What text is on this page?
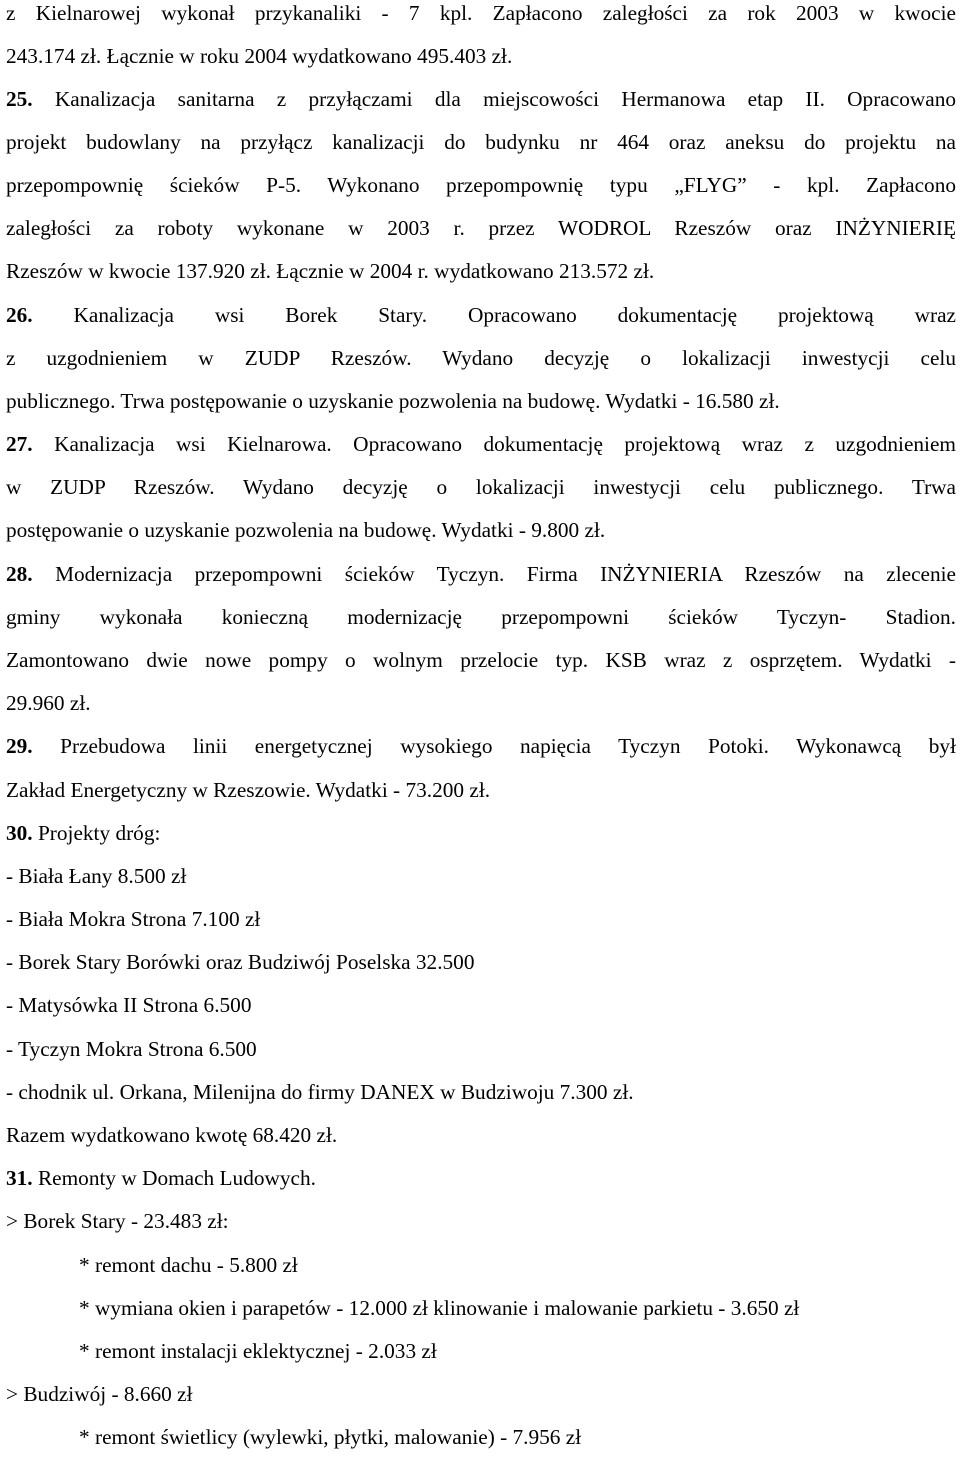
z Kielnarowej wykonał przykanaliki - 7 kpl. Zapłacono zaległości za rok 2003 w kwocie
243.174 zł. Łącznie w roku 2004 wydatkowano 495.403 zł.
25. Kanalizacja sanitarna z przyłączami dla miejscowości Hermanowa etap II. Opracowano
projekt budowlany na przyłącz kanalizacji do budynku nr 464 oraz aneksu do projektu na
przepompownię ścieków P-5. Wykonano przepompownię typu „FLYG” - kpl. Zapłacono
zaległości za roboty wykonane w 2003 r. przez WODROL Rzeszów oraz INŻYNIERIĘ
Rzeszów w kwocie 137.920 zł. Łącznie w 2004 r. wydatkowano 213.572 zł.
26. Kanalizacja wsi Borek Stary. Opracowano dokumentację projektową wraz
z uzgodnieniem w ZUDP Rzeszów. Wydano decyzję o lokalizacji inwestycji celu
publicznego. Trwa postępowanie o uzyskanie pozwolenia na budowę. Wydatki - 16.580 zł.
27. Kanalizacja wsi Kielnarowa. Opracowano dokumentację projektową wraz z uzgodnieniem
w ZUDP Rzeszów. Wydano decyzję o lokalizacji inwestycji celu publicznego. Trwa
postępowanie o uzyskanie pozwolenia na budowę. Wydatki - 9.800 zł.
28. Modernizacja przepompowni ścieków Tyczyn. Firma INŻYNIERIA Rzeszów na zlecenie
gminy wykonała konieczną modernizację przepompowni ścieków Tyczyn- Stadion.
Zamontowano dwie nowe pompy o wolnym przelocie typ. KSB wraz z osprzętem. Wydatki -
29.960 zł.
29. Przebudowa linii energetycznej wysokiego napięcia Tyczyn Potoki. Wykonawcą był
Zakład Energetyczny w Rzeszowie. Wydatki - 73.200 zł.
30. Projekty dróg:
- Biała Łany 8.500 zł
- Biała Mokra Strona 7.100 zł
- Borek Stary Borówki oraz Budziwój Poselska 32.500
- Matysówka II Strona 6.500
- Tyczyn Mokra Strona 6.500
- chodnik ul. Orkana, Milenijna do firmy DANEX w Budziwoju 7.300 zł.
Razem wydatkowano kwotę 68.420 zł.
31. Remonty w Domach Ludowych.
> Borek Stary - 23.483 zł:
* remont dachu - 5.800 zł
* wymiana okien i parapetów - 12.000 zł klinowanie i malowanie parkietu - 3.650 zł
* remont instalacji eklektycznej - 2.033 zł
> Budziwój - 8.660 zł
* remont świetlicy (wylewki, płytki, malowanie) - 7.956 zł
